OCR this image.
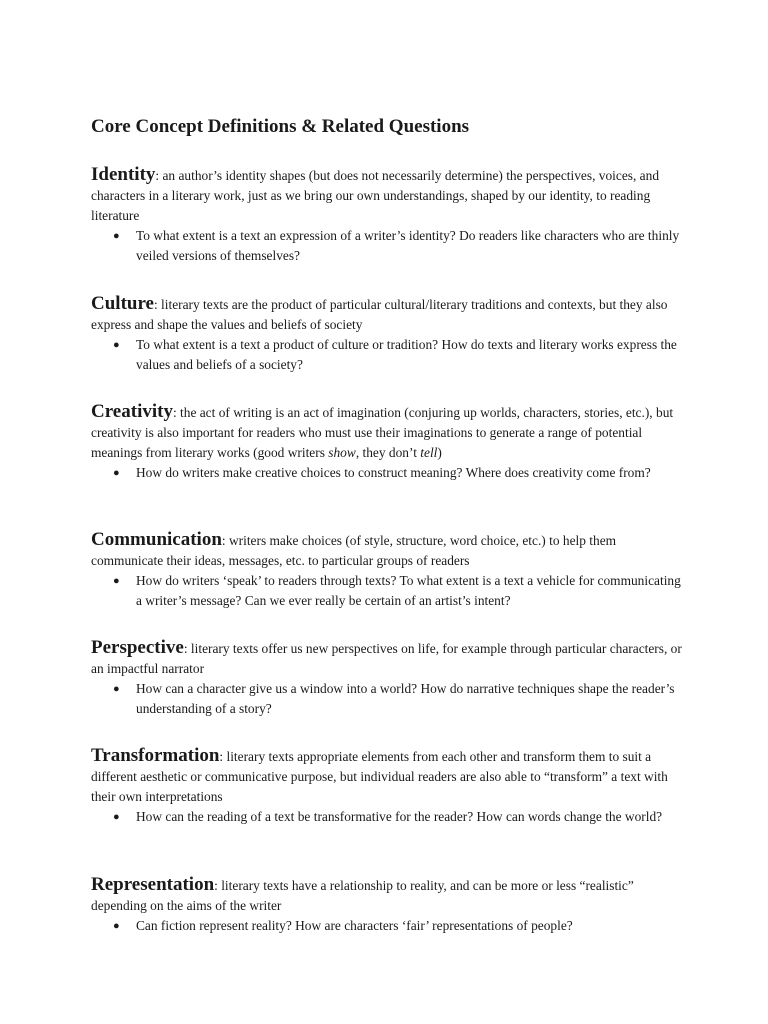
Core Concept Definitions & Related Questions

Identity: an author’s identity shapes (but does not necessarily determine) the perspectives, voices, and characters in a literary work, just as we bring our own understandings, shaped by our identity, to reading literature

● To what extent is a text an expression of a writer’s identity? Do readers like characters who are thinly veiled versions of themselves?

Culture: literary texts are the product of particular cultural/literary traditions and contexts, but they also express and shape the values and beliefs of society

● To what extent is a text a product of culture or tradition? How do texts and literary works express the values and beliefs of a society?

Creativity: the act of writing is an act of imagination (conjuring up worlds, characters, stories, etc.), but creativity is also important for readers who must use their imaginations to generate a range of potential meanings from literary works (good writers show, they don’t tell)

● How do writers make creative choices to construct meaning? Where does creativity come from?

Communication: writers make choices (of style, structure, word choice, etc.) to help them communicate their ideas, messages, etc. to particular groups of readers

● How do writers ‘speak’ to readers through texts? To what extent is a text a vehicle for communicating a writer’s message? Can we ever really be certain of an artist’s intent?

Perspective: literary texts offer us new perspectives on life, for example through particular characters, or an impactful narrator

● How can a character give us a window into a world? How do narrative techniques shape the reader’s understanding of a story?

Transformation: literary texts appropriate elements from each other and transform them to suit a different aesthetic or communicative purpose, but individual readers are also able to “transform” a text with their own interpretations

● How can the reading of a text be transformative for the reader? How can words change the world?

Representation: literary texts have a relationship to reality, and can be more or less “realistic” depending on the aims of the writer

● Can fiction represent reality? How are characters ‘fair’ representations of people?
